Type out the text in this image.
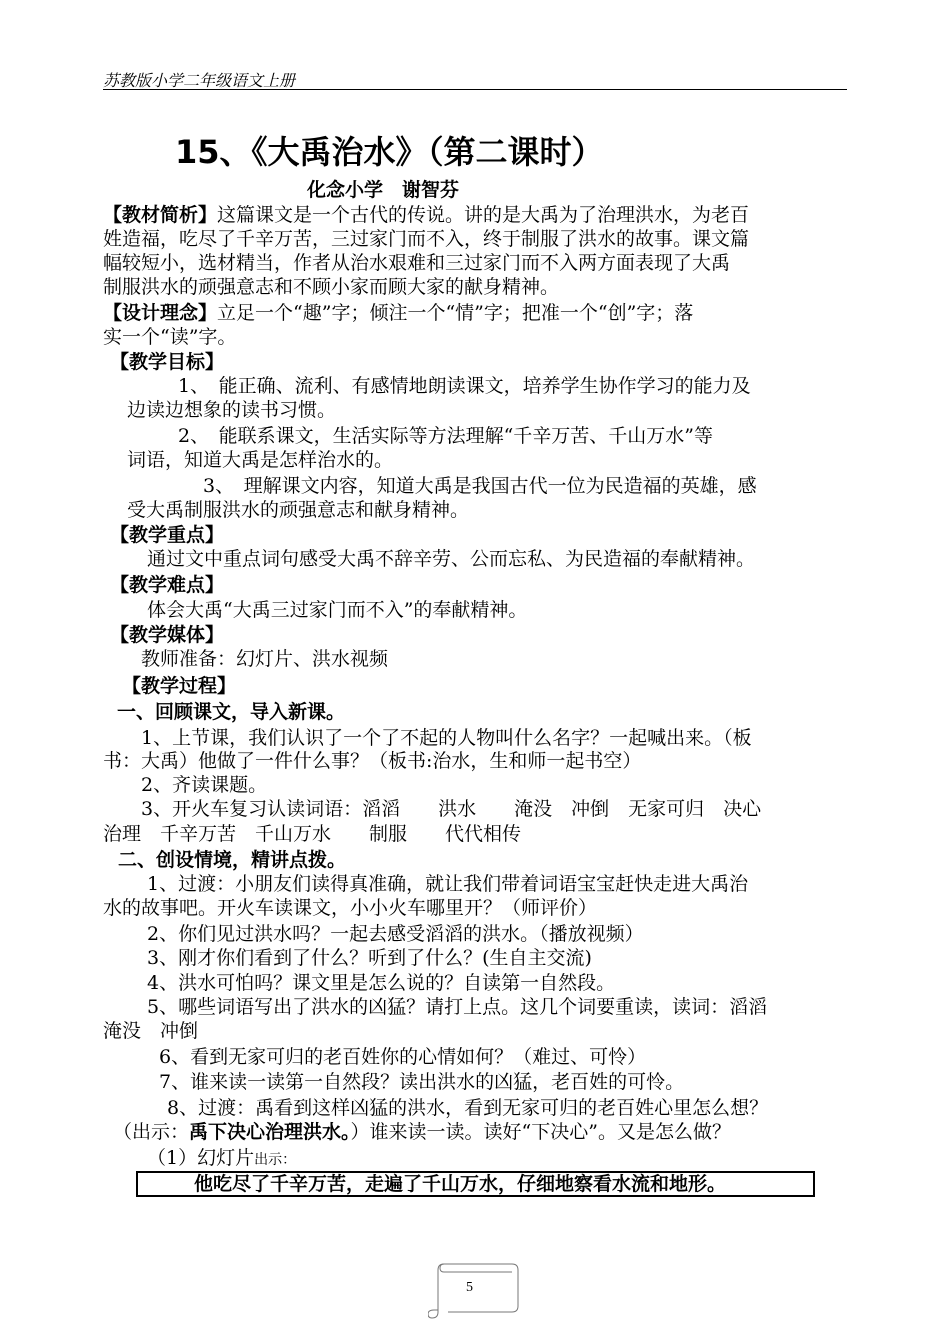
苏教版小学二年级语文上册
15、《大禹治水》（第二课时）
化念小学　谢智芬
【教材简析】这篇课文是一个古代的传说。讲的是大禹为了治理洪水，为老百
姓造福，吃尽了千辛万苦，三过家门而不入，终于制服了洪水的故事。课文篇
幅较短小，选材精当，作者从治水艰难和三过家门而不入两方面表现了大禹
制服洪水的顽强意志和不顾小家而顾大家的献身精神。
【设计理念】立足一个“趣”字；倾注一个“情”字；把准一个“创”字；落
实一个“读”字。
【教学目标】
1、　能正确、流利、有感情地朗读课文，培养学生协作学习的能力及
边读边想象的读书习惯。
2、　能联系课文，生活实际等方法理解“千辛万苦、千山万水”等
词语，知道大禹是怎样治水的。
3、　理解课文内容，知道大禹是我国古代一位为民造福的英雄，感
受大禹制服洪水的顽强意志和献身精神。
【教学重点】
通过文中重点词句感受大禹不辞辛劳、公而忘私、为民造福的奉献精神。
【教学难点】
体会大禹“大禹三过家门而不入”的奉献精神。
【教学媒体】
教师准备：幻灯片、洪水视频
【教学过程】
一、回顾课文，导入新课。
1、上节课，我们认识了一个了不起的人物叫什么名字？一起喊出来。（板
书：大禹）他做了一件什么事？（板书:治水，生和师一起书空）
2、齐读课题。
3、开火车复习认读词语：滔滔　　洪水　　淹没　冲倒　无家可归　决心
治理　千辛万苦　千山万水　　制服　　代代相传
二、创设情境，精讲点拨。
1、过渡：小朋友们读得真准确，就让我们带着词语宝宝赶快走进大禹治
水的故事吧。开火车读课文，小小火车哪里开？（师评价）
2、你们见过洪水吗？一起去感受滔滔的洪水。（播放视频）
3、刚才你们看到了什么？听到了什么？(生自主交流)
4、洪水可怕吗？课文里是怎么说的？自读第一自然段。
5、哪些词语写出了洪水的凶猛？请打上点。这几个词要重读，读词：滔滔
淹没　冲倒
6、看到无家可归的老百姓你的心情如何？（难过、可怜）
7、谁来读一读第一自然段？读出洪水的凶猛，老百姓的可怜。
8、过渡：禹看到这样凶猛的洪水，看到无家可归的老百姓心里怎么想？
（出示：禹下决心治理洪水。）谁来读一读。读好“下决心”。又是怎么做？
（1）幻灯片出示：
他吃尽了千辛万苦，走遍了千山万水，仔细地察看水流和地形。
5
